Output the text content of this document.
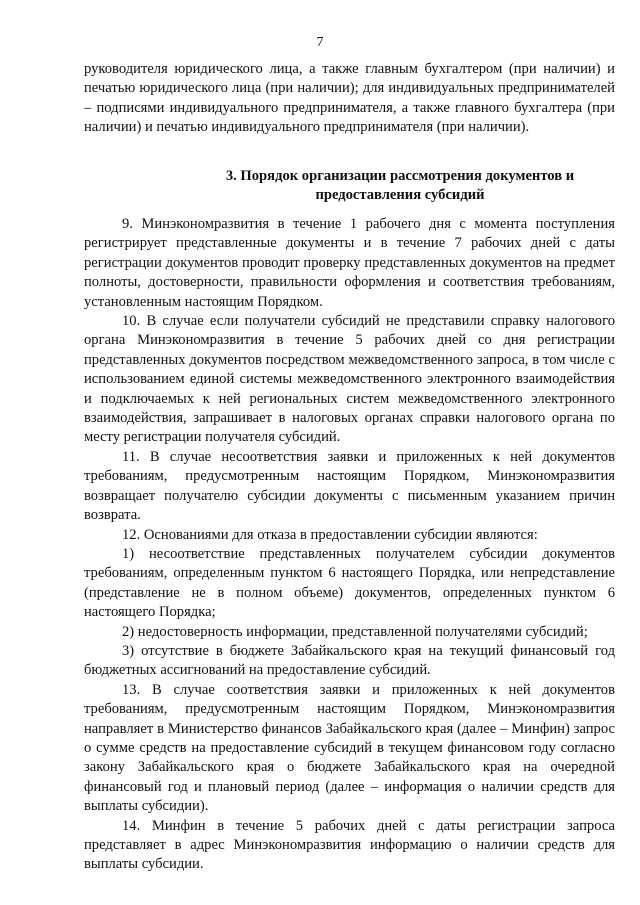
7

руководителя юридического лица, а также главным бухгалтером (при наличии) и печатью юридического лица (при наличии); для индивидуальных предпринимателей – подписями индивидуального предпринимателя, а также главного бухгалтера (при наличии) и печатью индивидуального предпринимателя (при наличии).

3. Порядок организации рассмотрения документов и предоставления субсидий

9. Минэкономразвития в течение 1 рабочего дня с момента поступления регистрирует представленные документы и в течение 7 рабочих дней с даты регистрации документов проводит проверку представленных документов на предмет полноты, достоверности, правильности оформления и соответствия требованиям, установленным настоящим Порядком.

10. В случае если получатели субсидий не представили справку налогового органа Минэкономразвития в течение 5 рабочих дней со дня регистрации представленных документов посредством межведомственного запроса, в том числе с использованием единой системы межведомственного электронного взаимодействия и подключаемых к ней региональных систем межведомственного электронного взаимодействия, запрашивает в налоговых органах справки налогового органа по месту регистрации получателя субсидий.

11. В случае несоответствия заявки и приложенных к ней документов требованиям, предусмотренным настоящим Порядком, Минэкономразвития возвращает получателю субсидии документы с письменным указанием причин возврата.

12. Основаниями для отказа в предоставлении субсидии являются:

1) несоответствие представленных получателем субсидии документов требованиям, определенным пунктом 6 настоящего Порядка, или непредставление (представление не в полном объеме) документов, определенных пунктом 6 настоящего Порядка;

2) недостоверность информации, представленной получателями субсидий;

3) отсутствие в бюджете Забайкальского края на текущий финансовый год бюджетных ассигнований на предоставление субсидий.

13. В случае соответствия заявки и приложенных к ней документов требованиям, предусмотренным настоящим Порядком, Минэкономразвития направляет в Министерство финансов Забайкальского края (далее – Минфин) запрос о сумме средств на предоставление субсидий в текущем финансовом году согласно закону Забайкальского края о бюджете Забайкальского края на очередной финансовый год и плановый период (далее – информация о наличии средств для выплаты субсидии).

14. Минфин в течение 5 рабочих дней с даты регистрации запроса представляет в адрес Минэкономразвития информацию о наличии средств для выплаты субсидии.
